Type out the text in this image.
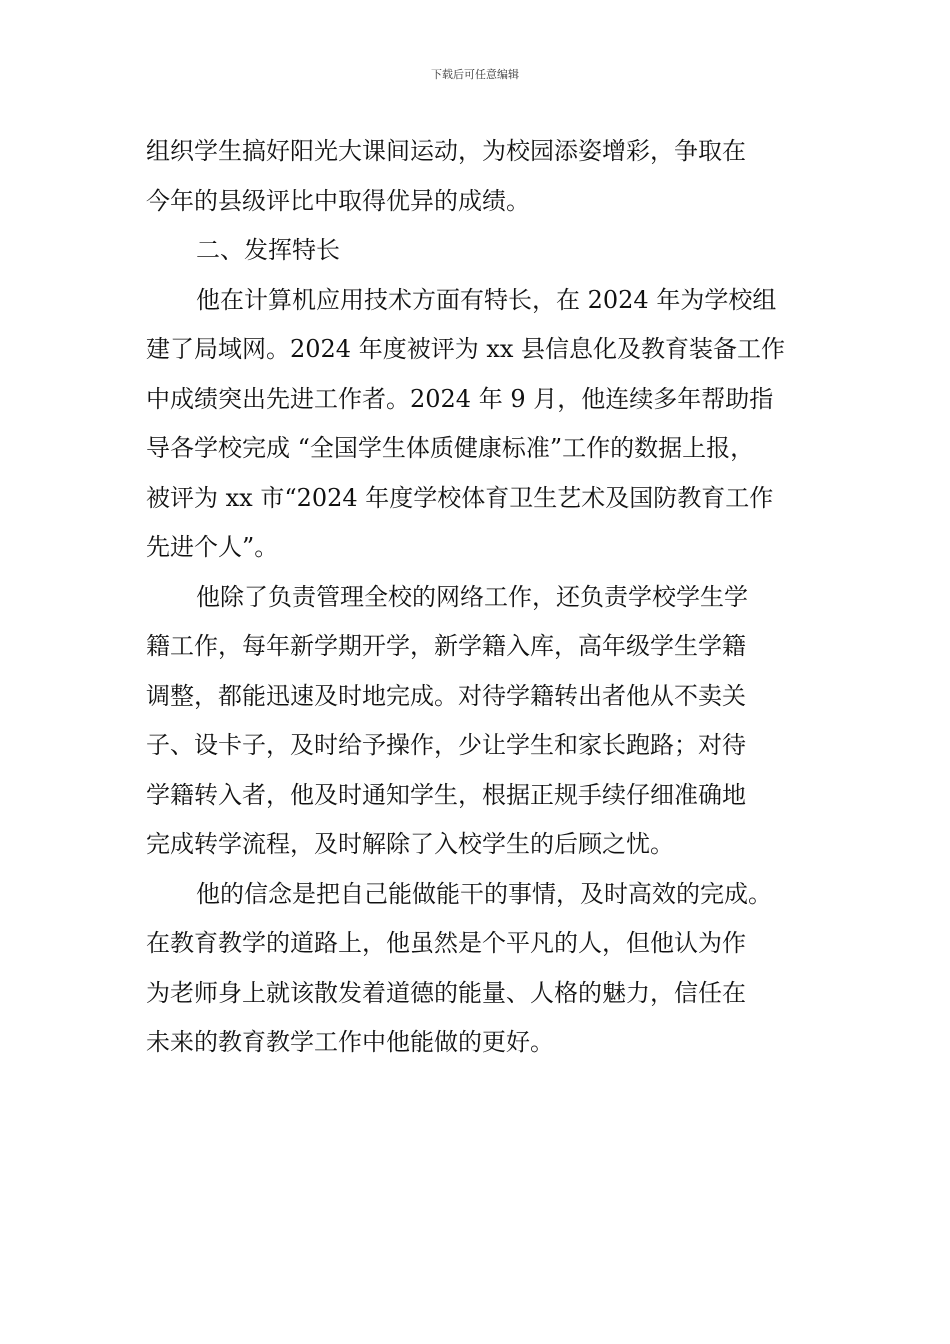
下载后可任意编辑
组织学生搞好阳光大课间运动，为校园添姿增彩，争取在
今年的县级评比中取得优异的成绩。
二、发挥特长
他在计算机应用技术方面有特长，在 2024 年为学校组
建了局域网。2024 年度被评为 xx 县信息化及教育装备工作
中成绩突出先进工作者。2024 年 9 月，他连续多年帮助指
导各学校完成 “全国学生体质健康标准”工作的数据上报，
被评为 xx 市“2024 年度学校体育卫生艺术及国防教育工作
先进个人”。
他除了负责管理全校的网络工作，还负责学校学生学
籍工作，每年新学期开学，新学籍入库，高年级学生学籍
调整，都能迅速及时地完成。对待学籍转出者他从不卖关
子、设卡子，及时给予操作，少让学生和家长跑路；对待
学籍转入者，他及时通知学生，根据正规手续仔细准确地
完成转学流程，及时解除了入校学生的后顾之忧。
他的信念是把自己能做能干的事情，及时高效的完成。
在教育教学的道路上，他虽然是个平凡的人，但他认为作
为老师身上就该散发着道德的能量、人格的魅力，信任在
未来的教育教学工作中他能做的更好。
